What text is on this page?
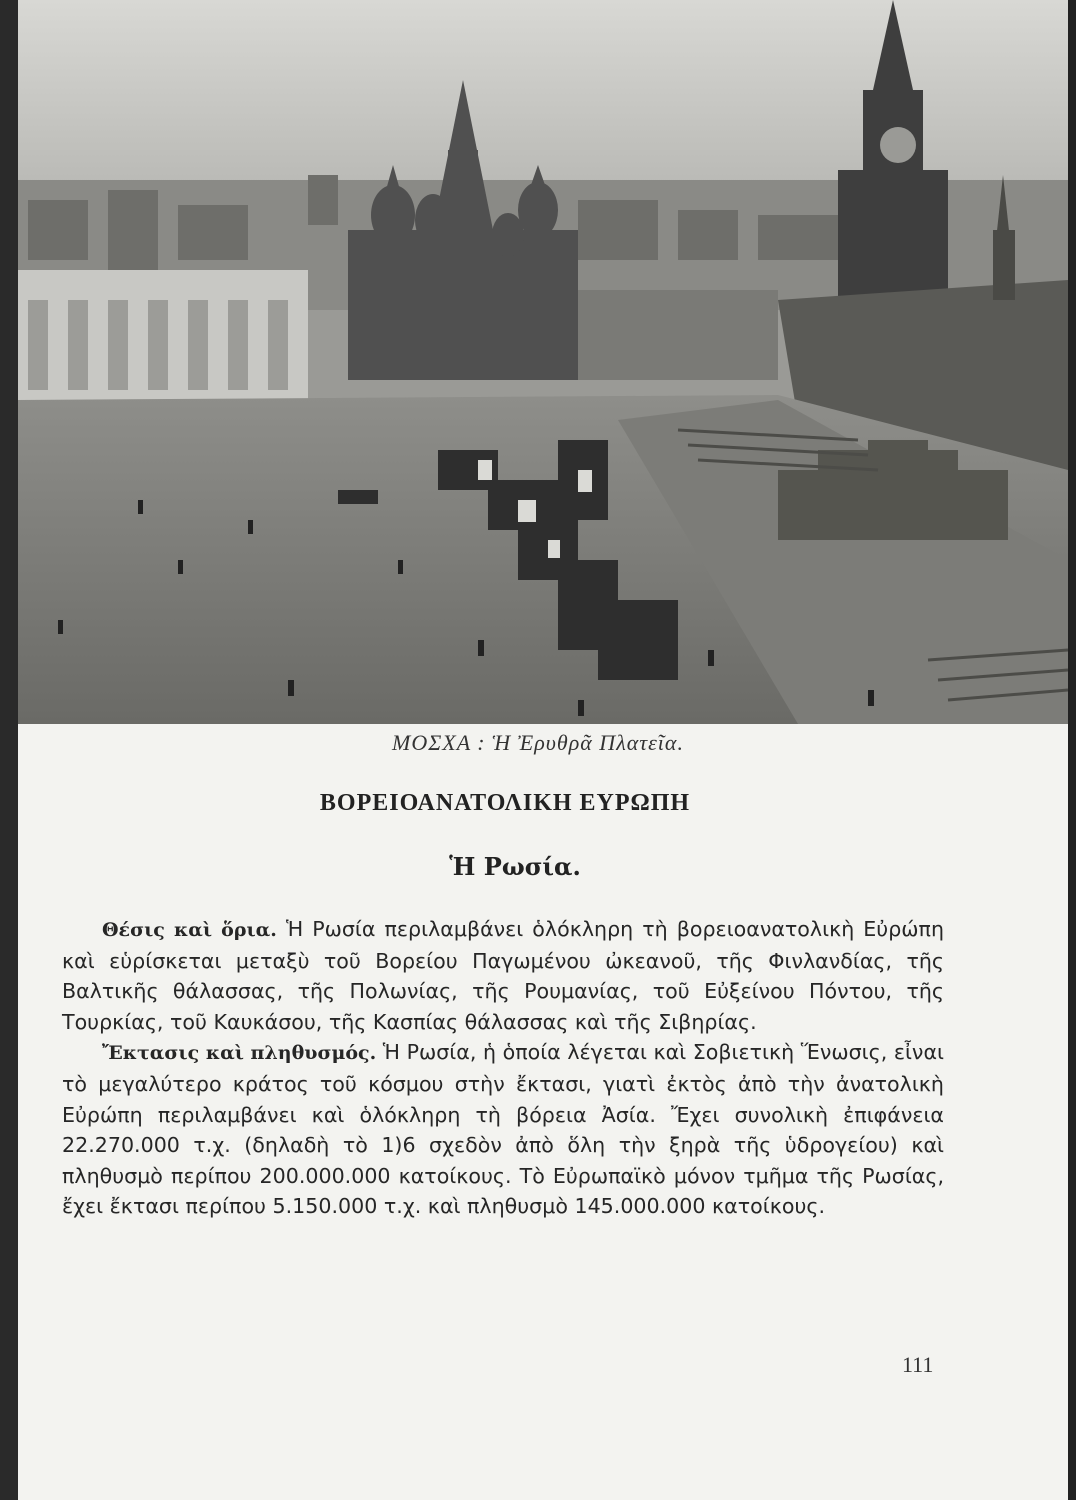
ΜΟΣΧΑ : Ἡ Ἐρυθρᾶ Πλατεῖα.
ΒΟΡΕΙΟΑΝΑΤΟΛΙΚΗ ΕΥΡΩΠΗ
Ἡ Ρωσία.

Θέσις καὶ ὅρια. Ἡ Ρωσία περιλαμβάνει ὁλόκληρη τὴ βορειοανατολικὴ Εὐρώπη καὶ εὑρίσκεται μεταξὺ τοῦ Βορείου Παγωμένου ὠκεανοῦ, τῆς Φινλανδίας, τῆς Βαλτικῆς θάλασσας, τῆς Πολωνίας, τῆς Ρουμανίας, τοῦ Εὐξείνου Πόντου, τῆς Τουρκίας, τοῦ Καυκάσου, τῆς Κασπίας θάλασσας καὶ τῆς Σιβηρίας.

Ἔκτασις καὶ πληθυσμός. Ἡ Ρωσία, ἡ ὁποία λέγεται καὶ Σοβιετικὴ Ἕνωσις, εἶναι τὸ μεγαλύτερο κράτος τοῦ κόσμου στὴν ἔκτασι, γιατὶ ἐκτὸς ἀπὸ τὴν ἀνατολικὴ Εὐρώπη περιλαμβάνει καὶ ὁλόκληρη τὴ βόρεια Ἀσία. Ἔχει συνολικὴ ἐπιφάνεια 22.270.000 τ.χ. (δηλαδὴ τὸ 1)6 σχεδὸν ἀπὸ ὅλη τὴν ξηρὰ τῆς ὑδρογείου) καὶ πληθυσμὸ περίπου 200.000.000 κατοίκους. Τὸ Εὐρωπαϊκὸ μόνον τμῆμα τῆς Ρωσίας, ἔχει ἔκτασι περίπου 5.150.000 τ.χ. καὶ πληθυσμὸ 145.000.000 κατοίκους.

111
